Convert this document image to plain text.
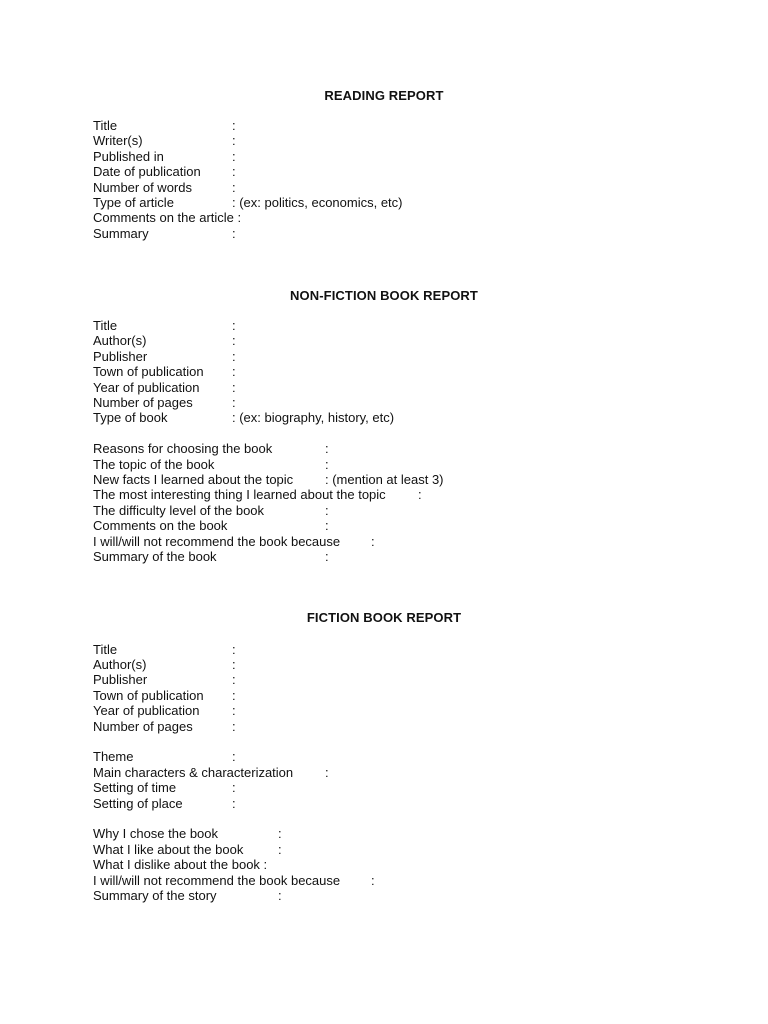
READING REPORT
Title	:
Writer(s)	:
Published in	:
Date of publication :
Number of words	:
Type of article	: (ex: politics, economics, etc)
Comments on the article :
Summary	:
NON-FICTION BOOK REPORT
Title	:
Author(s)	:
Publisher	:
Town of publication :
Year of publication	:
Number of pages	:
Type of book	: (ex: biography, history, etc)
Reasons for choosing the book	:
The topic of the book	:
New facts I learned about the topic : (mention at least 3)
The most interesting thing I learned about the topic :
The difficulty level of the book	:
Comments on the book	:
I will/will not recommend the book because :
Summary of the book	:
FICTION BOOK REPORT
Title	:
Author(s)	:
Publisher	:
Town of publication :
Year of publication	:
Number of pages	:
Theme	:
Main characters & characterization :
Setting of time	:
Setting of place	:
Why I chose the book	:
What I like about the book	:
What I dislike about the book :
I will/will not recommend the book because :
Summary of the story	:
